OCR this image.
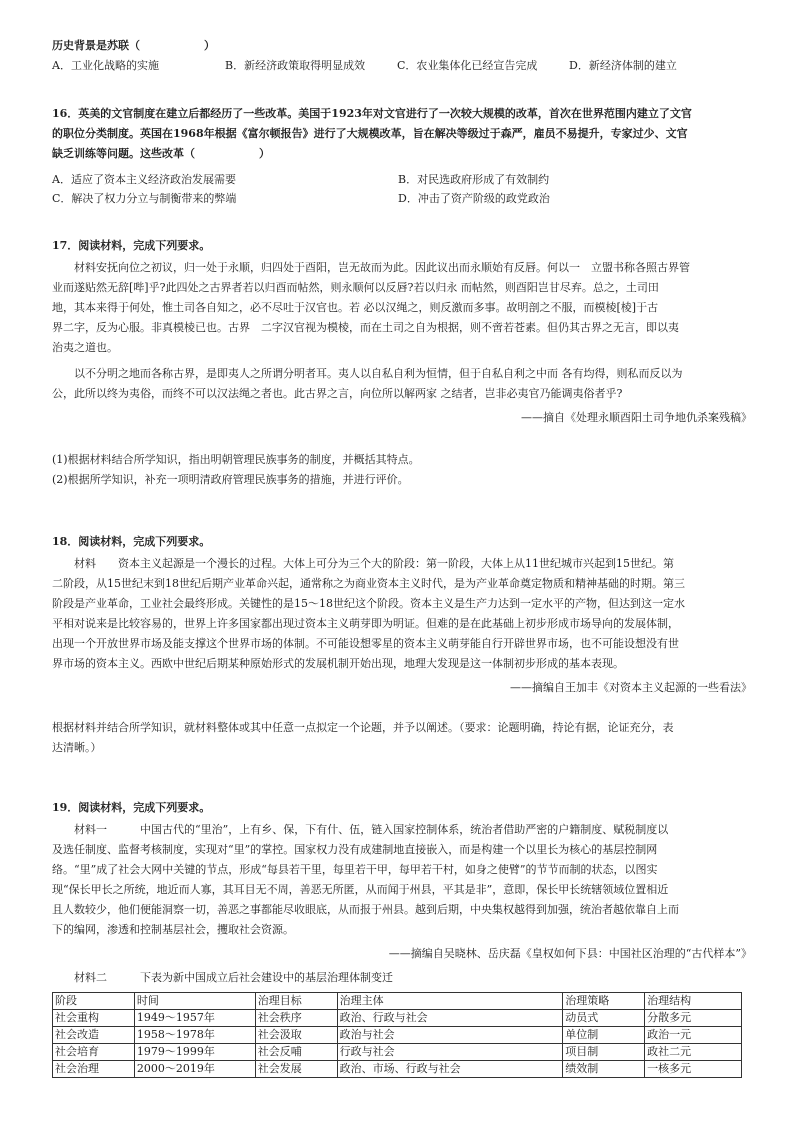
历史背景是苏联（	）
A．工业化战略的实施	B．新经济政策取得明显成效	C．农业集体化已经宣告完成	D．新经济体制的建立
16．英美的文官制度在建立后都经历了一些改革。美国于1923年对文官进行了一次较大规模的改革，首次在世界范围内建立了文官
的职位分类制度。英国在1968年根据《富尔顿报告》进行了大规模改革，旨在解决等级过于森严，雇员不易提升，专家过少、文官
缺乏训练等问题。这些改革（	）
A．适应了资本主义经济政治发展需要	B．对民选政府形成了有效制约
C．解决了权力分立与制衡带来的弊端	D．冲击了资产阶级的政党政治
17．阅读材料，完成下列要求。
材料安抚向位之初议，归一处于永顺，归四处于酉阳，岂无故而为此。因此议出而永顺始有反唇。何以一　立盟书称各照古界管
业而遂贴然无辞[哔]乎?此四处之古界者若以归酉而帖然，则永顺何以反唇?若以归永 而帖然，则酉阳岂甘尽弃。总之，土司田
地，其本来得于何处，惟土司各自知之，必不尽吐于汉官也。若 必以汉绳之，则反激而多事。故明剖之不服，而模棱[棱]于古
界二字，反为心服。非真模棱已也。古界　二字汉官视为模棱，而在土司之自为根据，则不啻若苍素。但仍其古界之无言，即以夷
治夷之道也。
以不分明之地而各称古界，是即夷人之所谓分明者耳。夷人以自私自利为恒情，但于自私自利之中而 各有均得，则私而反以为
公，此所以终为夷俗，而终不可以汉法绳之者也。此古界之言，向位所以解两家 之结者，岂非必夷官乃能调夷俗者乎?
——摘自《处理永顺酉阳土司争地仇杀案残稿》
(1)根据材料结合所学知识，指出明朝管理民族事务的制度，并概括其特点。
(2)根据所学知识，补充一项明清政府管理民族事务的措施，并进行评价。
18．阅读材料，完成下列要求。
材料　　资本主义起源是一个漫长的过程。大体上可分为三个大的阶段：第一阶段，大体上从11世纪城市兴起到15世纪。第
二阶段，从15世纪末到18世纪后期产业革命兴起，通常称之为商业资本主义时代，是为产业革命奠定物质和精神基础的时期。第三
阶段是产业革命，工业社会最终形成。关键性的是15～18世纪这个阶段。资本主义是生产力达到一定水平的产物，但达到这一定水
平相对说来是比较容易的，世界上许多国家都出现过资本主义萌芽即为明证。但难的是在此基础上初步形成市场导向的发展体制，
出现一个开放世界市场及能支撑这个世界市场的体制。不可能设想零星的资本主义萌芽能自行开辟世界市场，也不可能设想没有世
界市场的资本主义。西欧中世纪后期某种原始形式的发展机制开始出现，地理大发现是这一体制初步形成的基本表现。
——摘编自王加丰《对资本主义起源的一些看法》
根据材料并结合所学知识，就材料整体或其中任意一点拟定一个论题，并予以阐述。（要求：论题明确，持论有据，论证充分，表
达清晰。）
19．阅读材料，完成下列要求。
材料一　　　中国古代的“里治”，上有乡、保，下有什、伍，链入国家控制体系，统治者借助严密的户籍制度、赋税制度以
及选任制度、监督考核制度，实现对“里”的掌控。国家权力没有成建制地直接嵌入，而是构建一个以里长为核心的基层控制网
络。“里”成了社会大网中关键的节点，形成“每县若干里，每里若干甲，每甲若干村，如身之使臂”的节节而制的状态，以图实
现“保长甲长之所统，地近而人寡，其耳目无不周，善恶无所匿，从而闻于州县，平其是非”，意即，保长甲长统辖领域位置相近
且人数较少，他们便能洞察一切，善恶之事都能尽收眼底，从而报于州县。越到后期，中央集权越得到加强，统治者越依靠自上而
下的编网，渗透和控制基层社会，攫取社会资源。
——摘编自吴晓林、岳庆磊《皇权如何下县：中国社区治理的“古代样本”》
材料二　　　下表为新中国成立后社会建设中的基层治理体制变迁
阶段	时间	治理目标	治理主体	治理策略	治理结构
社会重构	1949～1957年	社会秩序	政治、行政与社会	动员式	分散多元
社会改造	1958～1978年	社会汲取	政治与社会	单位制	政治一元
社会培育	1979～1999年	社会反哺	行政与社会	项目制	政社二元
社会治理	2000～2019年	社会发展	政治、市场、行政与社会	绩效制	一核多元
